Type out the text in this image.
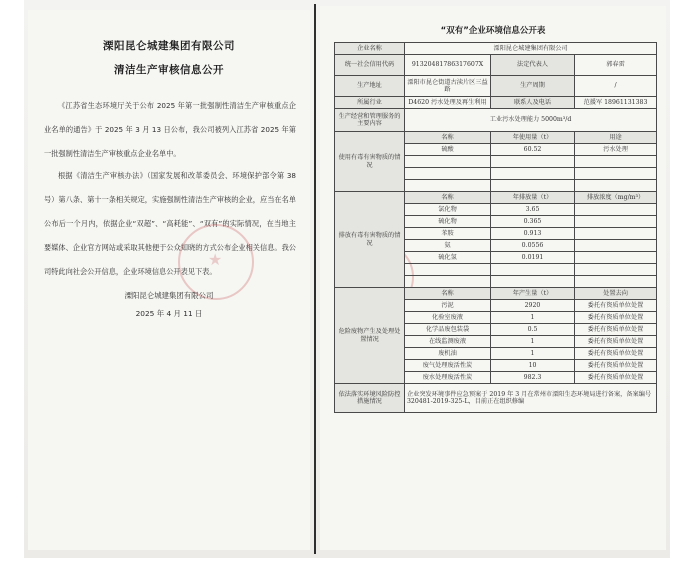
溧阳昆仑城建集团有限公司
清洁生产审核信息公开

《江苏省生态环境厅关于公布 2025 年第一批强制性清洁生产审核重点企业名单的通告》于 2025 年 3 月 13 日公布，我公司被列入江苏省 2025 年第一批强制性清洁生产审核重点企业名单中。

根据《清洁生产审核办法》（国家发展和改革委员会、环境保护部令第 38 号）第八条、第十一条相关规定，实施强制性清洁生产审核的企业，应当在名单公布后一个月内，依据企业“双超”、“高耗能”、“双有”的实际情况，在当地主要媒体、企业官方网站或采取其他便于公众知晓的方式公布企业相关信息。我公司特此向社会公开信息，企业环境信息公开表见下表。

★
溧阳昆仑城建集团有限公司
2025 年 4 月 11 日
“双有”企业环境信息公开表
企业名称	溧阳昆仑城建集团有限公司		
统一社会信用代码	91320481786317607X	法定代表人	郭春雷
生产地址	溧阳市昆仑街道古渎片区三益路	生产周期	/
所属行业	D4620 污水处理及再生利用	联系人及电话	范援军 18961131383
生产经营和管理服务的主要内容	工业污水处理能力 5000m³/d		
使用有毒有害物质的情况	名称	年使用量（t）	用途
	硫酸	60.52	污水处理

排放有毒有害物质的情况	名称	年排放量（t）	排放浓度（mg/m³）
	氯化物	3.65	
	硫化物	0.365	
	苯胺	0.913	
	氨	0.0556	
	硫化氢	0.0191	

危险废物产生及处理处置情况	名称	年产生量（t）	处置去向
	污泥	2920	委托有资质单位处置
	化验室废液	1	委托有资质单位处置
	化学品废包装袋	0.5	委托有资质单位处置
	在线监测废液	1	委托有资质单位处置
	废机油	1	委托有资质单位处置
	废气处理废活性炭	10	委托有资质单位处置
	废水处理废活性炭	982.3	委托有资质单位处置
依法落实环境风险防控措施情况	企业突发环境事件应急预案于 2019 年 3 月在常州市溧阳生态环境局进行备案，备案编号 320481-2019-325-L，目前正在组织修编		
